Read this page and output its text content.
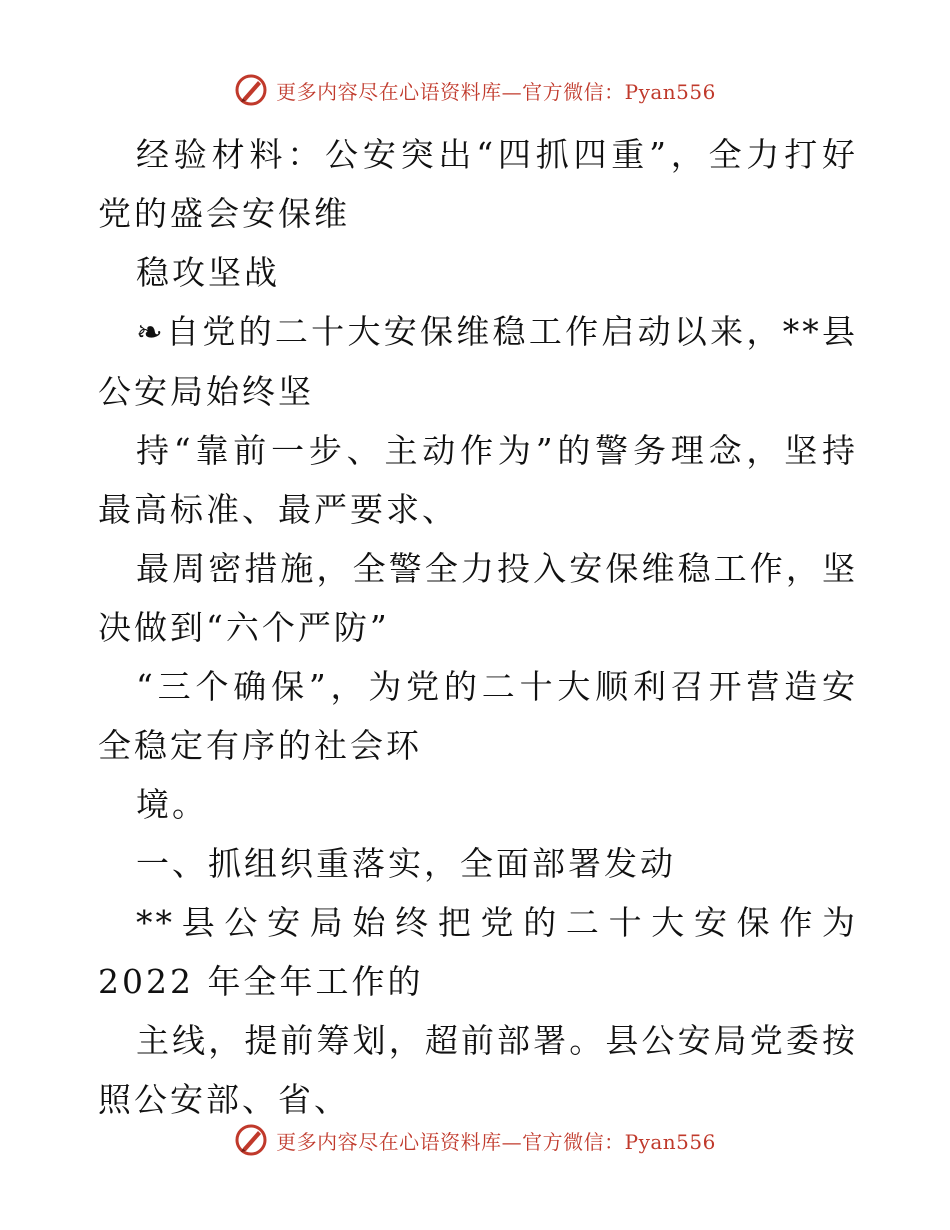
更多内容尽在心语资料库—官方微信：Pyan556

经验材料：公安突出“四抓四重”，全力打好党的盛会安保维

稳攻坚战

❧自党的二十大安保维稳工作启动以来，**县公安局始终坚

持“靠前一步、主动作为”的警务理念，坚持最高标准、最严要求、

最周密措施，全警全力投入安保维稳工作，坚决做到“六个严防”

“三个确保”，为党的二十大顺利召开营造安全稳定有序的社会环

境。

一、抓组织重落实，全面部署发动

**县公安局始终把党的二十大安保作为 2022 年全年工作的

主线，提前筹划，超前部署。县公安局党委按照公安部、省、

更多内容尽在心语资料库—官方微信：Pyan556
